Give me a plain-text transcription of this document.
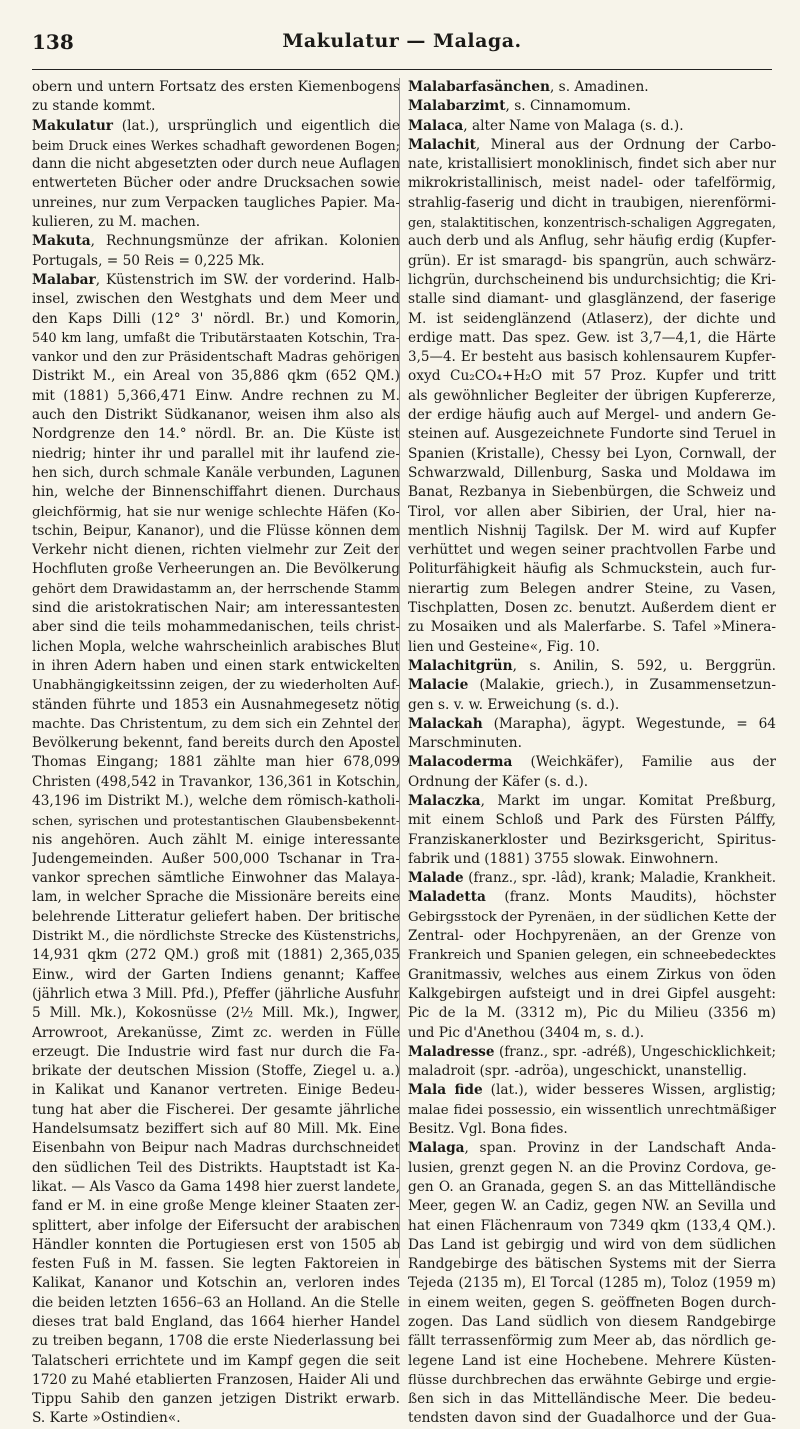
Makulatur — Malaga.
138
obern und untern Fortsatz des ersten Kiemenbogens
zu stande kommt.
Makulatur (lat.), ursprünglich und eigentlich die
beim Druck eines Werkes schadhaft gewordenen Bogen;
dann die nicht abgesetzten oder durch neue Auflagen
entwerteten Bücher oder andre Drucksachen sowie
unreines, nur zum Verpacken taugliches Papier. Ma-
kulieren, zu M. machen.
Makuta, Rechnungsmünze der afrikan. Kolonien
Portugals, = 50 Reis = 0,225 Mk.
Malabar, Küstenstrich im SW. der vorderind. Halb-
insel, zwischen den Westghats und dem Meer und
den Kaps Dilli (12° 3' nördl. Br.) und Komorin,
540 km lang, umfaßt die Tributärstaaten Kotschin, Tra-
vankor und den zur Präsidentschaft Madras gehörigen
Distrikt M., ein Areal von 35,886 qkm (652 QM.)
mit (1881) 5,366,471 Einw. Andre rechnen zu M.
auch den Distrikt Südkananor, weisen ihm also als
Nordgrenze den 14.° nördl. Br. an. Die Küste ist
niedrig; hinter ihr und parallel mit ihr laufend zie-
hen sich, durch schmale Kanäle verbunden, Lagunen
hin, welche der Binnenschiffahrt dienen. Durchaus
gleichförmig, hat sie nur wenige schlechte Häfen (Ko-
tschin, Beipur, Kananor), und die Flüsse können dem
Verkehr nicht dienen, richten vielmehr zur Zeit der
Hochfluten große Verheerungen an. Die Bevölkerung
gehört dem Drawidastamm an, der herrschende Stamm
sind die aristokratischen Nair; am interessantesten
aber sind die teils mohammedanischen, teils christ-
lichen Mopla, welche wahrscheinlich arabisches Blut
in ihren Adern haben und einen stark entwickelten
Unabhängigkeitssinn zeigen, der zu wiederholten Auf-
ständen führte und 1853 ein Ausnahmegesetz nötig
machte. Das Christentum, zu dem sich ein Zehntel der
Bevölkerung bekennt, fand bereits durch den Apostel
Thomas Eingang; 1881 zählte man hier 678,099
Christen (498,542 in Travankor, 136,361 in Kotschin,
43,196 im Distrikt M.), welche dem römisch-katholi-
schen, syrischen und protestantischen Glaubensbekennt-
nis angehören. Auch zählt M. einige interessante
Judengemeinden. Außer 500,000 Tschanar in Tra-
vankor sprechen sämtliche Einwohner das Malaya-
lam, in welcher Sprache die Missionäre bereits eine
belehrende Litteratur geliefert haben. Der britische
Distrikt M., die nördlichste Strecke des Küstenstrichs,
14,931 qkm (272 QM.) groß mit (1881) 2,365,035
Einw., wird der Garten Indiens genannt; Kaffee
(jährlich etwa 3 Mill. Pfd.), Pfeffer (jährliche Ausfuhr
5 Mill. Mk.), Kokosnüsse (2½ Mill. Mk.), Ingwer,
Arrowroot, Arekanüsse, Zimt zc. werden in Fülle
erzeugt. Die Industrie wird fast nur durch die Fa-
brikate der deutschen Mission (Stoffe, Ziegel u. a.)
in Kalikat und Kananor vertreten. Einige Bedeu-
tung hat aber die Fischerei. Der gesamte jährliche
Handelsumsatz beziffert sich auf 80 Mill. Mk. Eine
Eisenbahn von Beipur nach Madras durchschneidet
den südlichen Teil des Distrikts. Hauptstadt ist Ka-
likat. — Als Vasco da Gama 1498 hier zuerst landete,
fand er M. in eine große Menge kleiner Staaten zer-
splittert, aber infolge der Eifersucht der arabischen
Händler konnten die Portugiesen erst von 1505 ab
festen Fuß in M. fassen. Sie legten Faktoreien in
Kalikat, Kananor und Kotschin an, verloren indes
die beiden letzten 1656–63 an Holland. An die Stelle
dieses trat bald England, das 1664 hierher Handel
zu treiben begann, 1708 die erste Niederlassung bei
Talatscheri errichtete und im Kampf gegen die seit
1720 zu Mahé etablierten Franzosen, Haider Ali und
Tippu Sahib den ganzen jetzigen Distrikt erwarb.
S. Karte »Ostindien«.
Malabarfasänchen, s. Amadinen.
Malabarzimt, s. Cinnamomum.
Malaca, alter Name von Malaga (s. d.).
Malachit, Mineral aus der Ordnung der Carbo-
nate, kristallisiert monoklinisch, findet sich aber nur
mikrokristallinisch, meist nadel- oder tafelförmig,
strahlig-faserig und dicht in traubigen, nierenförmi-
gen, stalaktitischen, konzentrisch-schaligen Aggregaten,
auch derb und als Anflug, sehr häufig erdig (Kupfer-
grün). Er ist smaragd- bis spangrün, auch schwärz-
lichgrün, durchscheinend bis undurchsichtig; die Kri-
stalle sind diamant- und glasglänzend, der faserige
M. ist seidenglänzend (Atlaserz), der dichte und
erdige matt. Das spez. Gew. ist 3,7—4,1, die Härte
3,5—4. Er besteht aus basisch kohlensaurem Kupfer-
oxyd Cu₂CO₄+H₂O mit 57 Proz. Kupfer und tritt
als gewöhnlicher Begleiter der übrigen Kupfererze,
der erdige häufig auch auf Mergel- und andern Ge-
steinen auf. Ausgezeichnete Fundorte sind Teruel in
Spanien (Kristalle), Chessy bei Lyon, Cornwall, der
Schwarzwald, Dillenburg, Saska und Moldawa im
Banat, Rezbanya in Siebenbürgen, die Schweiz und
Tirol, vor allen aber Sibirien, der Ural, hier na-
mentlich Nishnij Tagilsk. Der M. wird auf Kupfer
verhüttet und wegen seiner prachtvollen Farbe und
Politurfähigkeit häufig als Schmuckstein, auch fur-
nierartig zum Belegen andrer Steine, zu Vasen,
Tischplatten, Dosen zc. benutzt. Außerdem dient er
zu Mosaiken und als Malerfarbe. S. Tafel »Minera-
lien und Gesteine«, Fig. 10.
Malachitgrün, s. Anilin, S. 592, u. Berggrün.
Malacie (Malakie, griech.), in Zusammensetzun-
gen s. v. w. Erweichung (s. d.).
Malackah (Marapha), ägypt. Wegestunde, = 64
Marschminuten.
Malacoderma (Weichkäfer), Familie aus der
Ordnung der Käfer (s. d.).
Malaczka, Markt im ungar. Komitat Preßburg,
mit einem Schloß und Park des Fürsten Pálffy,
Franziskanerkloster und Bezirksgericht, Spiritus-
fabrik und (1881) 3755 slowak. Einwohnern.
Malade (franz., spr. -lâd), krank; Maladie, Krankheit.
Maladetta (franz. Monts Maudits), höchster
Gebirgsstock der Pyrenäen, in der südlichen Kette der
Zentral- oder Hochpyrenäen, an der Grenze von
Frankreich und Spanien gelegen, ein schneebedecktes
Granitmassiv, welches aus einem Zirkus von öden
Kalkgebirgen aufsteigt und in drei Gipfel ausgeht:
Pic de la M. (3312 m), Pic du Milieu (3356 m)
und Pic d'Anethou (3404 m, s. d.).
Maladresse (franz., spr. -adréß), Ungeschicklichkeit;
maladroit (spr. -adröa), ungeschickt, unanstellig.
Mala fide (lat.), wider besseres Wissen, arglistig;
malae fidei possessio, ein wissentlich unrechtmäßiger
Besitz. Vgl. Bona fides.
Malaga, span. Provinz in der Landschaft Anda-
lusien, grenzt gegen N. an die Provinz Cordova, ge-
gen O. an Granada, gegen S. an das Mittelländische
Meer, gegen W. an Cadiz, gegen NW. an Sevilla und
hat einen Flächenraum von 7349 qkm (133,4 QM.).
Das Land ist gebirgig und wird von dem südlichen
Randgebirge des bätischen Systems mit der Sierra
Tejeda (2135 m), El Torcal (1285 m), Toloz (1959 m)
in einem weiten, gegen S. geöffneten Bogen durch-
zogen. Das Land südlich von diesem Randgebirge
fällt terrassenförmig zum Meer ab, das nördlich ge-
legene Land ist eine Hochebene. Mehrere Küsten-
flüsse durchbrechen das erwähnte Gebirge und ergie-
ßen sich in das Mittelländische Meer. Die bedeu-
tendsten davon sind der Guadalhorce und der Gua-
